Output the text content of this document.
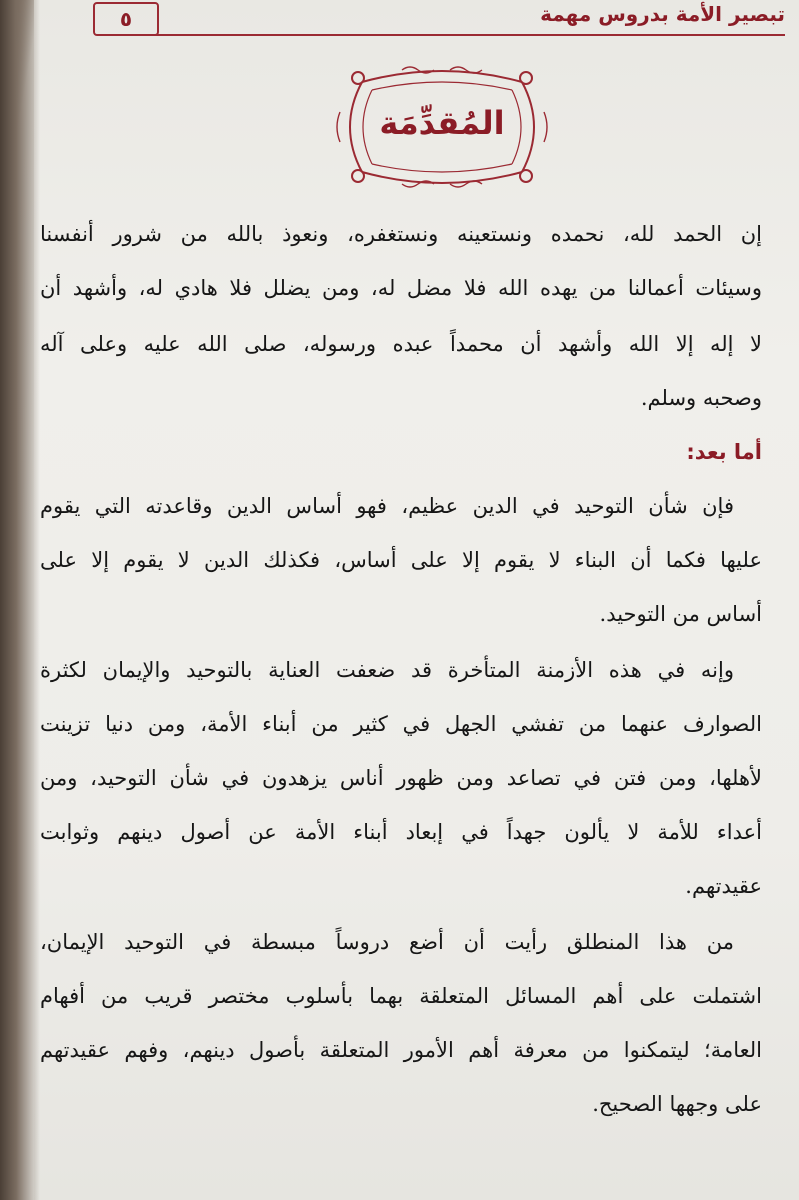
٥	تبصير الأمة بدروس مهمة
المُقدِّمَة
إن الحمد لله، نحمده ونستعينه ونستغفره، ونعوذ بالله من شرور أنفسنا
وسيئات أعمالنا من يهده الله فلا مضل له، ومن يضلل فلا هادي له، وأشهد أن
لا إله إلا الله وأشهد أن محمداً عبده ورسوله، صلى الله عليه وعلى آله
وصحبه وسلم.
أما بعد:
فإن شأن التوحيد في الدين عظيم، فهو أساس الدين وقاعدته التي يقوم
عليها فكما أن البناء لا يقوم إلا على أساس، فكذلك الدين لا يقوم إلا على
أساس من التوحيد.
وإنه في هذه الأزمنة المتأخرة قد ضعفت العناية بالتوحيد والإيمان لكثرة
الصوارف عنهما من تفشي الجهل في كثير من أبناء الأمة، ومن دنيا تزينت
لأهلها، ومن فتن في تصاعد ومن ظهور أناس يزهدون في شأن التوحيد، ومن
أعداء للأمة لا يألون جهداً في إبعاد أبناء الأمة عن أصول دينهم وثوابت
عقيدتهم.
من هذا المنطلق رأيت أن أضع دروساً مبسطة في التوحيد الإيمان،
اشتملت على أهم المسائل المتعلقة بهما بأسلوب مختصر قريب من أفهام
العامة؛ ليتمكنوا من معرفة أهم الأمور المتعلقة بأصول دينهم، وفهم عقيدتهم
على وجهها الصحيح.
